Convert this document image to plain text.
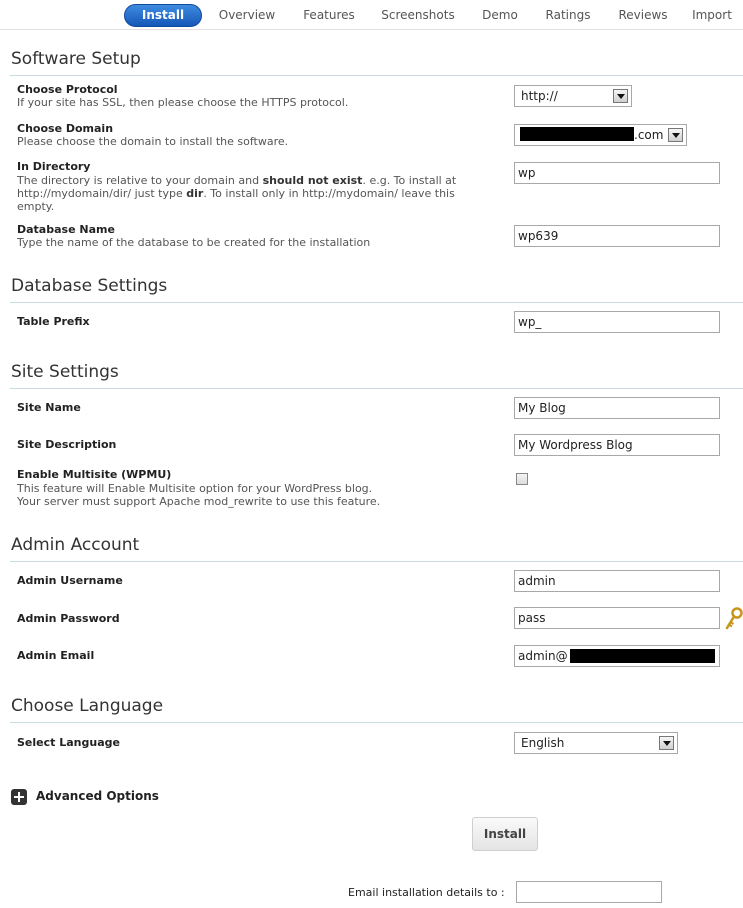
Install	Overview	Features	Screenshots	Demo	Ratings	Reviews	Import
Software Setup
Choose Protocol
If your site has SSL, then please choose the HTTPS protocol.	http://
Choose Domain
Please choose the domain to install the software.	.com
In Directory
The directory is relative to your domain and should not exist. e.g. To install at http://mydomain/dir/ just type dir. To install only in http://mydomain/ leave this empty.
wp
Database Name
Type the name of the database to be created for the installation	wp639
Database Settings
Table Prefix	wp_
Site Settings
Site Name	My Blog
Site Description	My Wordpress Blog
Enable Multisite (WPMU)
This feature will Enable Multisite option for your WordPress blog.
Your server must support Apache mod_rewrite to use this feature.
Admin Account
Admin Username	admin
Admin Password	pass
Admin Email	admin@
Choose Language
Select Language	English
Advanced Options
Install
Email installation details to :
